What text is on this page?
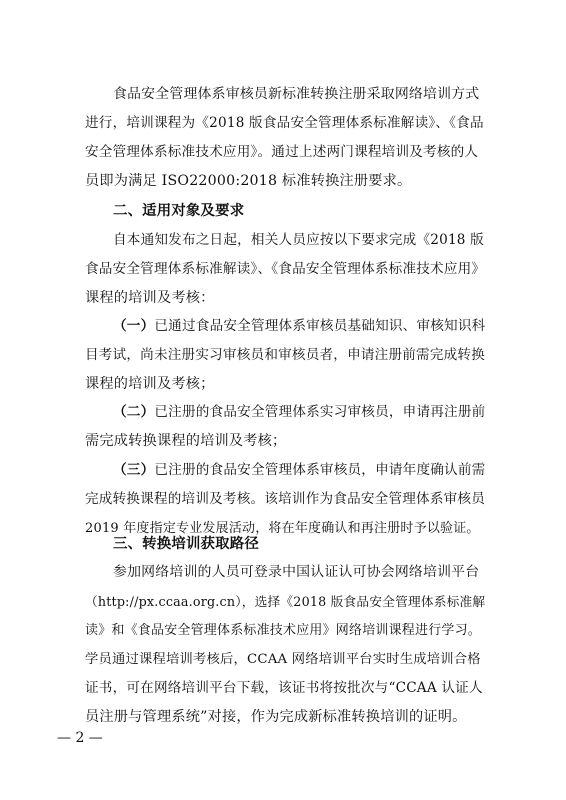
食品安全管理体系审核员新标准转换注册采取网络培训方式
进行，培训课程为《2018 版食品安全管理体系标准解读》、《食品
安全管理体系标准技术应用》。通过上述两门课程培训及考核的人
员即为满足 ISO22000:2018 标准转换注册要求。
二、适用对象及要求
自本通知发布之日起，相关人员应按以下要求完成《2018 版
食品安全管理体系标准解读》、《食品安全管理体系标准技术应用》
课程的培训及考核：
（一）已通过食品安全管理体系审核员基础知识、审核知识科
目考试，尚未注册实习审核员和审核员者，申请注册前需完成转换
课程的培训及考核；
（二）已注册的食品安全管理体系实习审核员，申请再注册前
需完成转换课程的培训及考核；
（三）已注册的食品安全管理体系审核员，申请年度确认前需
完成转换课程的培训及考核。该培训作为食品安全管理体系审核员
2019 年度指定专业发展活动，将在年度确认和再注册时予以验证。
三、转换培训获取路径
参加网络培训的人员可登录中国认证认可协会网络培训平台
（http://px.ccaa.org.cn），选择《2018 版食品安全管理体系标准解
读》和《食品安全管理体系标准技术应用》网络培训课程进行学习。
学员通过课程培训考核后，CCAA 网络培训平台实时生成培训合格
证书，可在网络培训平台下载，该证书将按批次与“CCAA 认证人
员注册与管理系统”对接，作为完成新标准转换培训的证明。
— 2 —
